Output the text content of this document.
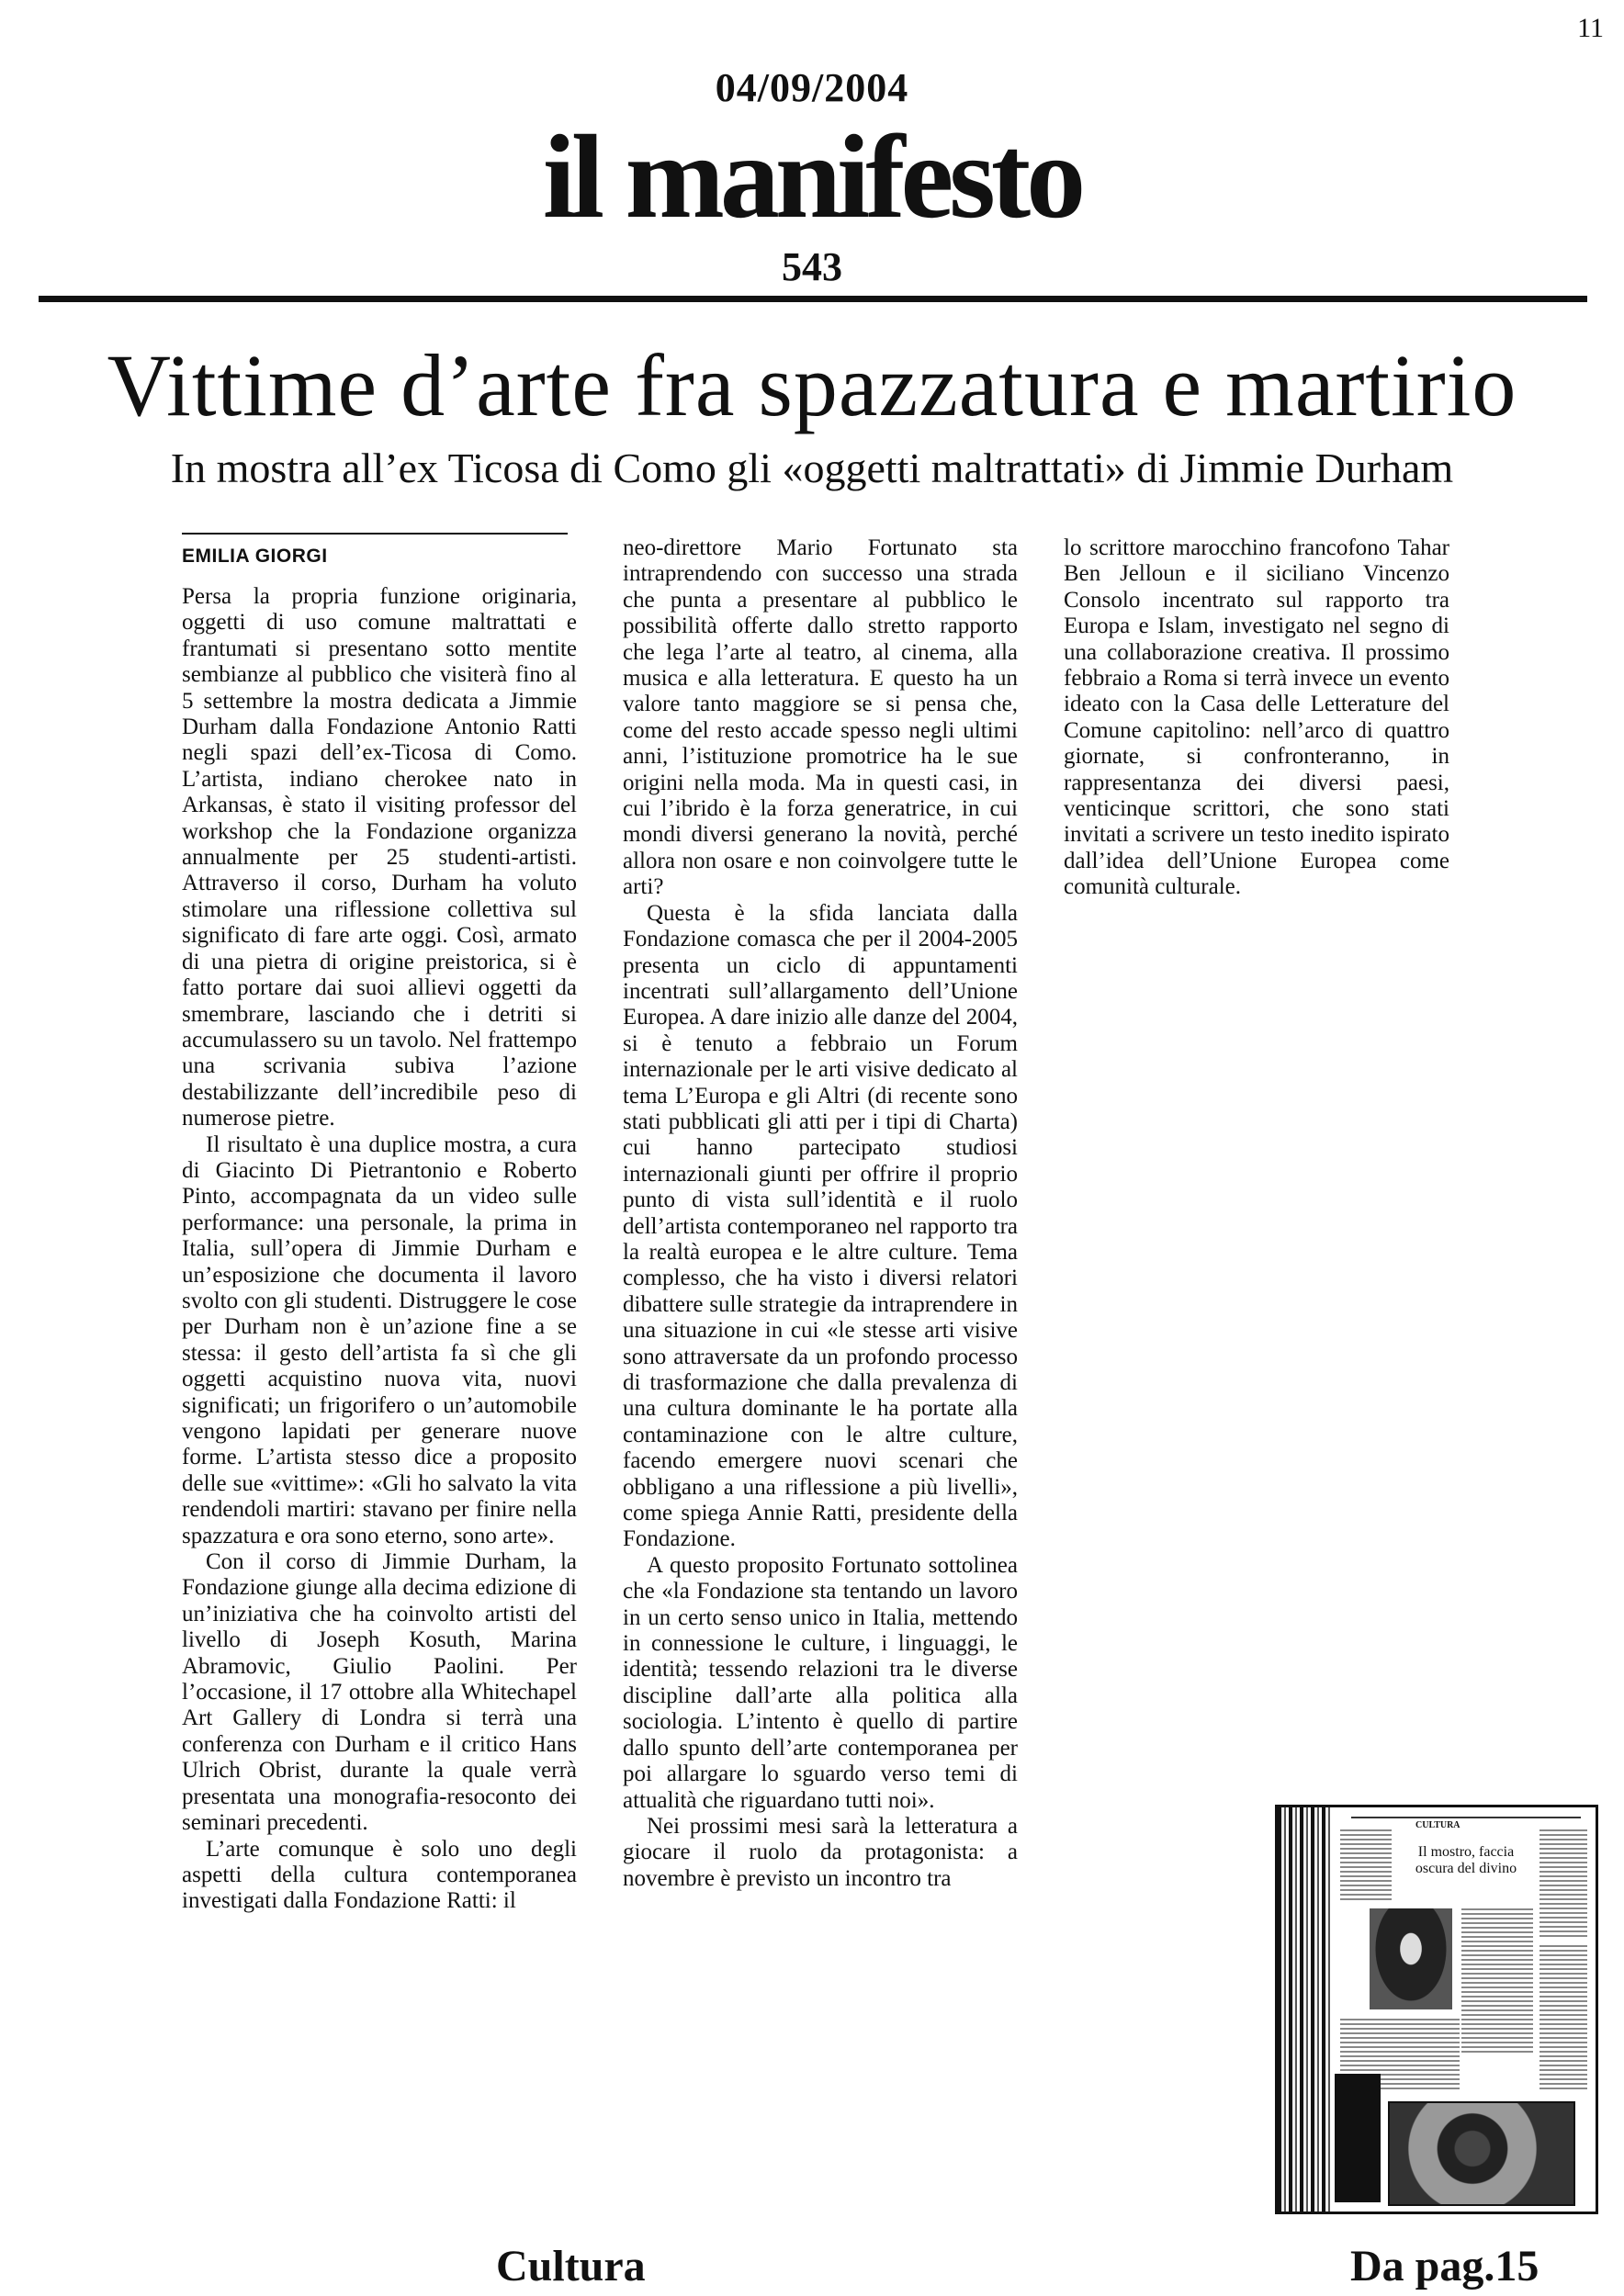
11
04/09/2004
il manifesto
543
Vittime d’arte fra spazzatura e martirio
In mostra all’ex Ticosa di Como gli «oggetti maltrattati» di Jimmie Durham
EMILIA GIORGI

Persa la propria funzione originaria, oggetti di uso comune maltrattati e frantumati si presentano sotto mentite sembianze al pubblico che visiterà fino al 5 settembre la mostra dedicata a Jimmie Durham dalla Fondazione Antonio Ratti negli spazi dell’ex-Ticosa di Como. L’artista, indiano cherokee nato in Arkansas, è stato il visiting professor del workshop che la Fondazione organizza annualmente per 25 studenti-artisti. Attraverso il corso, Durham ha voluto stimolare una riflessione collettiva sul significato di fare arte oggi. Così, armato di una pietra di origine preistorica, si è fatto portare dai suoi allievi oggetti da smembrare, lasciando che i detriti si accumulassero su un tavolo. Nel frattempo una scrivania subiva l’azione destabilizzante dell’incredibile peso di numerose pietre.

Il risultato è una duplice mostra, a cura di Giacinto Di Pietrantonio e Roberto Pinto, accompagnata da un video sulle performance: una personale, la prima in Italia, sull’opera di Jimmie Durham e un’esposizione che documenta il lavoro svolto con gli studenti. Distruggere le cose per Durham non è un’azione fine a se stessa: il gesto dell’artista fa sì che gli oggetti acquistino nuova vita, nuovi significati; un frigorifero o un’automobile vengono lapidati per generare nuove forme. L’artista stesso dice a proposito delle sue «vittime»: «Gli ho salvato la vita rendendoli martiri: stavano per finire nella spazzatura e ora sono eterno, sono arte».

Con il corso di Jimmie Durham, la Fondazione giunge alla decima edizione di un’iniziativa che ha coinvolto artisti del livello di Joseph Kosuth, Marina Abramovic, Giulio Paolini. Per l’occasione, il 17 ottobre alla Whitechapel Art Gallery di Londra si terrà una conferenza con Durham e il critico Hans Ulrich Obrist, durante la quale verrà presentata una monografia-resoconto dei seminari precedenti.

L’arte comunque è solo uno degli aspetti della cultura contemporanea investigati dalla Fondazione Ratti: il

neo-direttore Mario Fortunato sta intraprendendo con successo una strada che punta a presentare al pubblico le possibilità offerte dallo stretto rapporto che lega l’arte al teatro, al cinema, alla musica e alla letteratura. E questo ha un valore tanto maggiore se si pensa che, come del resto accade spesso negli ultimi anni, l’istituzione promotrice ha le sue origini nella moda. Ma in questi casi, in cui l’ibrido è la forza generatrice, in cui mondi diversi generano la novità, perché allora non osare e non coinvolgere tutte le arti?

Questa è la sfida lanciata dalla Fondazione comasca che per il 2004-2005 presenta un ciclo di appuntamenti incentrati sull’allargamento dell’Unione Europea. A dare inizio alle danze del 2004, si è tenuto a febbraio un Forum internazionale per le arti visive dedicato al tema L’Europa e gli Altri (di recente sono stati pubblicati gli atti per i tipi di Charta) cui hanno partecipato studiosi internazionali giunti per offrire il proprio punto di vista sull’identità e il ruolo dell’artista contemporaneo nel rapporto tra la realtà europea e le altre culture. Tema complesso, che ha visto i diversi relatori dibattere sulle strategie da intraprendere in una situazione in cui «le stesse arti visive sono attraversate da un profondo processo di trasformazione che dalla prevalenza di una cultura dominante le ha portate alla contaminazione con le altre culture, facendo emergere nuovi scenari che obbligano a una riflessione a più livelli», come spiega Annie Ratti, presidente della Fondazione.

A questo proposito Fortunato sottolinea che «la Fondazione sta tentando un lavoro in un certo senso unico in Italia, mettendo in connessione le culture, i linguaggi, le identità; tessendo relazioni tra le diverse discipline dall’arte alla politica alla sociologia. L’intento è quello di partire dallo spunto dell’arte contemporanea per poi allargare lo sguardo verso temi di attualità che riguardano tutti noi».

Nei prossimi mesi sarà la letteratura a giocare il ruolo da protagonista: a novembre è previsto un incontro tra

lo scrittore marocchino francofono Tahar Ben Jelloun e il siciliano Vincenzo Consolo incentrato sul rapporto tra Europa e Islam, investigato nel segno di una collaborazione creativa. Il prossimo febbraio a Roma si terrà invece un evento ideato con la Casa delle Letterature del Comune capitolino: nell’arco di quattro giornate, si confronteranno, in rappresentanza dei diversi paesi, venticinque scrittori, che sono stati invitati a scrivere un testo inedito ispirato dall’idea dell’Unione Europea come comunità culturale.

CULTURA
Il mostro, faccia oscura del divino
Cultura	Da pag.15
